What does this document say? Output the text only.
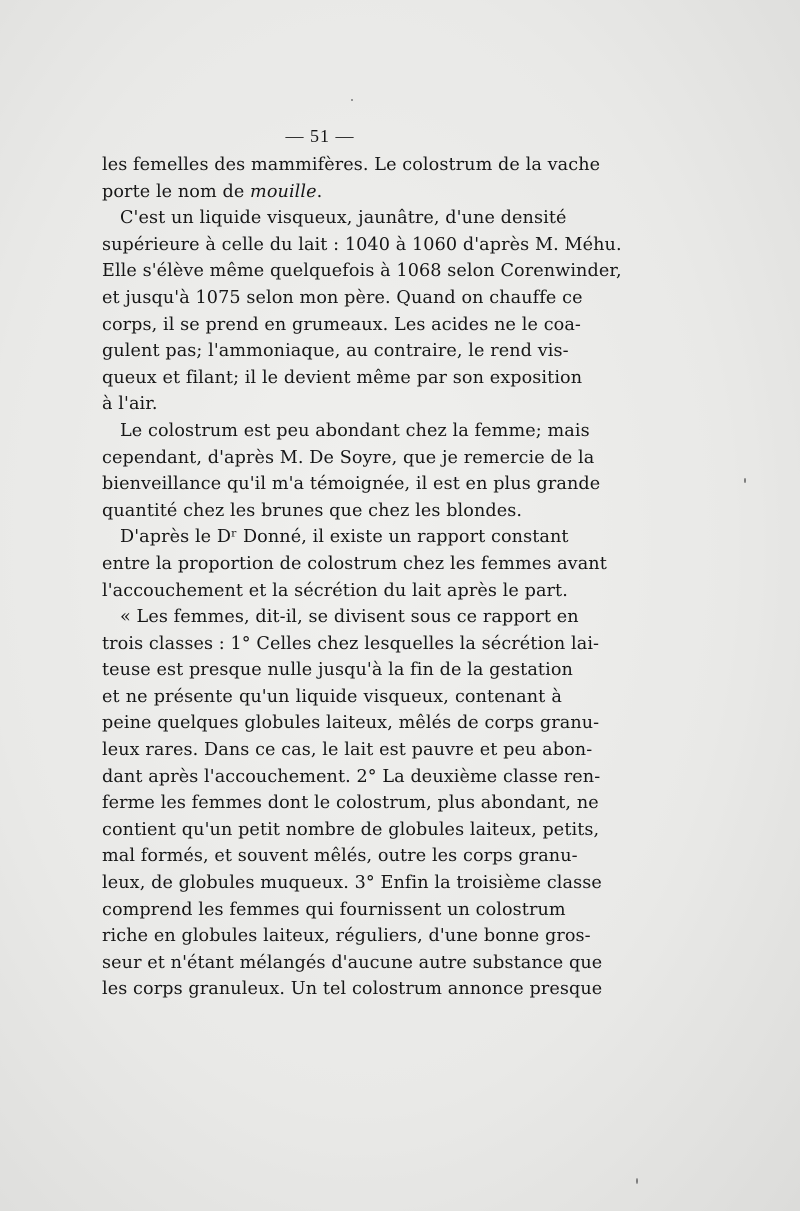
— 51 —
les femelles des mammifères. Le colostrum de la vache
porte le nom de mouille.
C'est un liquide visqueux, jaunâtre, d'une densité
supérieure à celle du lait : 1040 à 1060 d'après M. Méhu.
Elle s'élève même quelquefois à 1068 selon Corenwinder,
et jusqu'à 1075 selon mon père. Quand on chauffe ce
corps, il se prend en grumeaux. Les acides ne le coa-
gulent pas; l'ammoniaque, au contraire, le rend vis-
queux et filant; il le devient même par son exposition
à l'air.
Le colostrum est peu abondant chez la femme; mais
cependant, d'après M. De Soyre, que je remercie de la
bienveillance qu'il m'a témoignée, il est en plus grande
quantité chez les brunes que chez les blondes.
D'après le Dʳ Donné, il existe un rapport constant
entre la proportion de colostrum chez les femmes avant
l'accouchement et la sécrétion du lait après le part.
« Les femmes, dit-il, se divisent sous ce rapport en
trois classes : 1° Celles chez lesquelles la sécrétion lai-
teuse est presque nulle jusqu'à la fin de la gestation
et ne présente qu'un liquide visqueux, contenant à
peine quelques globules laiteux, mêlés de corps granu-
leux rares. Dans ce cas, le lait est pauvre et peu abon-
dant après l'accouchement. 2° La deuxième classe ren-
ferme les femmes dont le colostrum, plus abondant, ne
contient qu'un petit nombre de globules laiteux, petits,
mal formés, et souvent mêlés, outre les corps granu-
leux, de globules muqueux. 3° Enfin la troisième classe
comprend les femmes qui fournissent un colostrum
riche en globules laiteux, réguliers, d'une bonne gros-
seur et n'étant mélangés d'aucune autre substance que
les corps granuleux. Un tel colostrum annonce presque
